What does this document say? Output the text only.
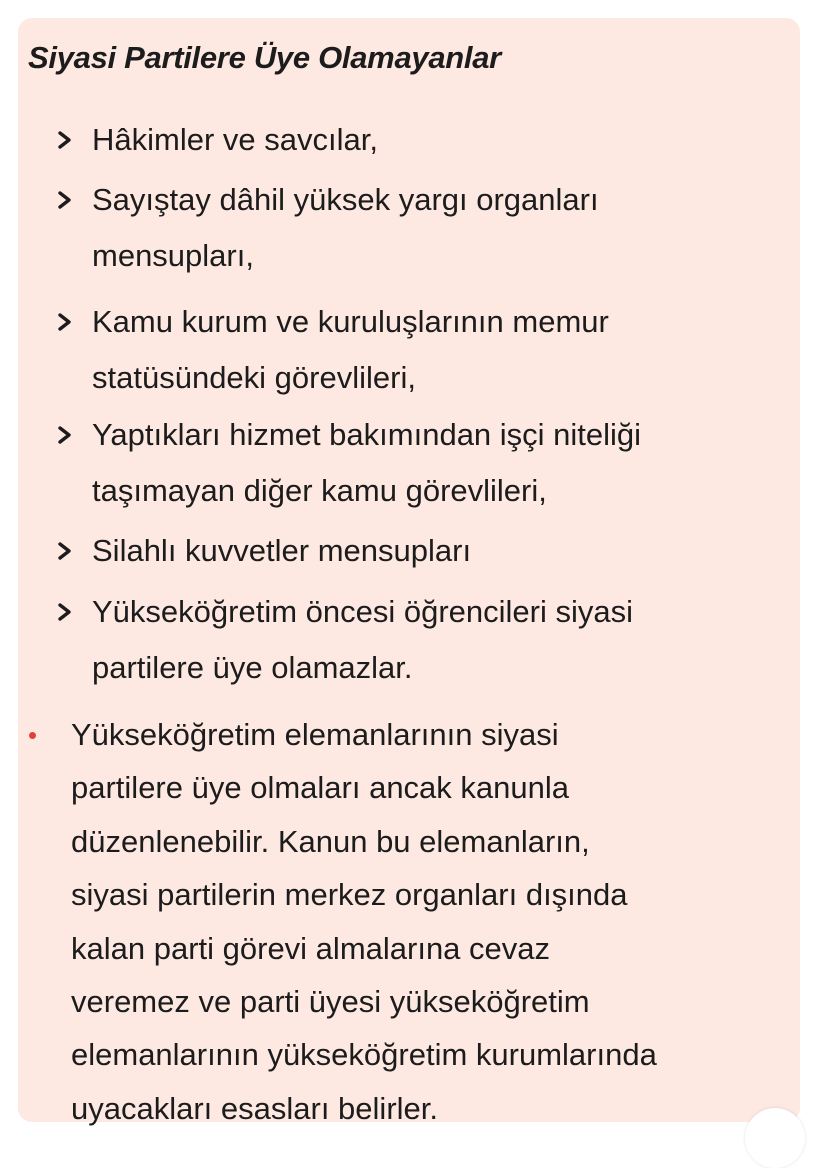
Siyasi Partilere Üye Olamayanlar
Hâkimler ve savcılar,
Sayıştay dâhil yüksek yargı organları
mensupları,
Kamu kurum ve kuruluşlarının memur
statüsündeki görevlileri,
Yaptıkları hizmet bakımından işçi niteliği
taşımayan diğer kamu görevlileri,
Silahlı kuvvetler mensupları
Yükseköğretim öncesi öğrencileri siyasi
partilere üye olamazlar.
Yükseköğretim elemanlarının siyasi
partilere üye olmaları ancak kanunla
düzenlenebilir. Kanun bu elemanların,
siyasi partilerin merkez organları dışında
kalan parti görevi almalarına cevaz
veremez ve parti üyesi yükseköğretim
elemanlarının yükseköğretim kurumlarında
uyacakları esasları belirler.
